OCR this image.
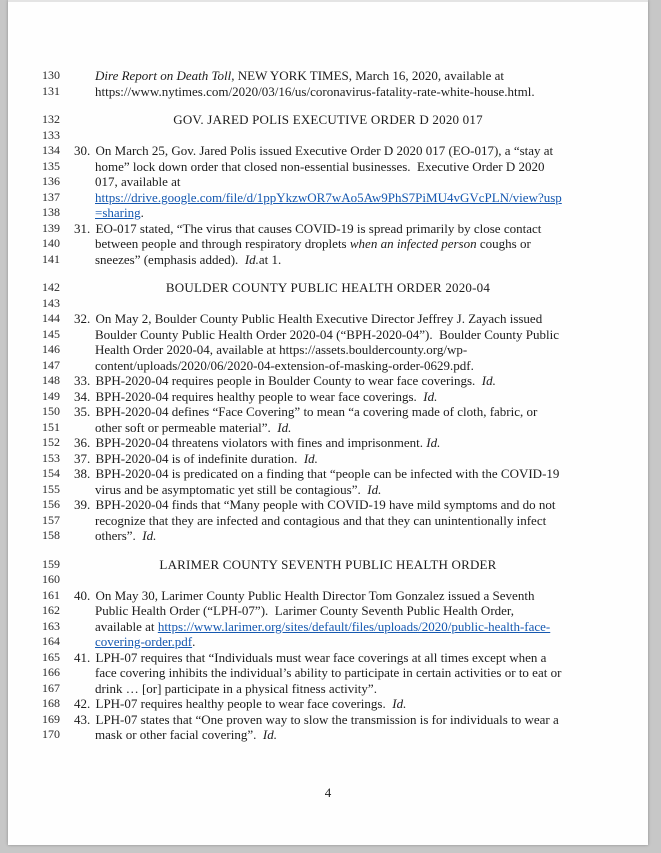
130	Dire Report on Death Toll, NEW YORK TIMES, March 16, 2020, available at
131	https://www.nytimes.com/2020/03/16/us/coronavirus-fatality-rate-white-house.html.
132	GOV. JARED POLIS EXECUTIVE ORDER D 2020 017
133
134	30. On March 25, Gov. Jared Polis issued Executive Order D 2020 017 (EO-017), a “stay at
135	home” lock down order that closed non-essential businesses.  Executive Order D 2020
136	017, available at
137	https://drive.google.com/file/d/1ppYkzwOR7wAo5Aw9PhS7PiMU4vGVcPLN/view?usp
138	=sharing.
139	31. EO-017 stated, “The virus that causes COVID-19 is spread primarily by close contact
140	between people and through respiratory droplets when an infected person coughs or
141	sneezes” (emphasis added).  Id.at 1.
142	BOULDER COUNTY PUBLIC HEALTH ORDER 2020-04
143
144	32. On May 2, Boulder County Public Health Executive Director Jeffrey J. Zayach issued
145	Boulder County Public Health Order 2020-04 (“BPH-2020-04”).  Boulder County Public
146	Health Order 2020-04, available at https://assets.bouldercounty.org/wp-
147	content/uploads/2020/06/2020-04-extension-of-masking-order-0629.pdf.
148	33. BPH-2020-04 requires people in Boulder County to wear face coverings.  Id.
149	34. BPH-2020-04 requires healthy people to wear face coverings.  Id.
150	35. BPH-2020-04 defines “Face Covering” to mean “a covering made of cloth, fabric, or
151	other soft or permeable material”.  Id.
152	36. BPH-2020-04 threatens violators with fines and imprisonment. Id.
153	37. BPH-2020-04 is of indefinite duration.  Id.
154	38. BPH-2020-04 is predicated on a finding that “people can be infected with the COVID-19
155	virus and be asymptomatic yet still be contagious”.  Id.
156	39. BPH-2020-04 finds that “Many people with COVID-19 have mild symptoms and do not
157	recognize that they are infected and contagious and that they can unintentionally infect
158	others”.  Id.
159	LARIMER COUNTY SEVENTH PUBLIC HEALTH ORDER
160
161	40. On May 30, Larimer County Public Health Director Tom Gonzalez issued a Seventh
162	Public Health Order (“LPH-07”).  Larimer County Seventh Public Health Order,
163	available at https://www.larimer.org/sites/default/files/uploads/2020/public-health-face-
164	covering-order.pdf.
165	41. LPH-07 requires that “Individuals must wear face coverings at all times except when a
166	face covering inhibits the individual’s ability to participate in certain activities or to eat or
167	drink … [or] participate in a physical fitness activity”.
168	42. LPH-07 requires healthy people to wear face coverings.  Id.
169	43. LPH-07 states that “One proven way to slow the transmission is for individuals to wear a
170	mask or other facial covering”.  Id.
4
